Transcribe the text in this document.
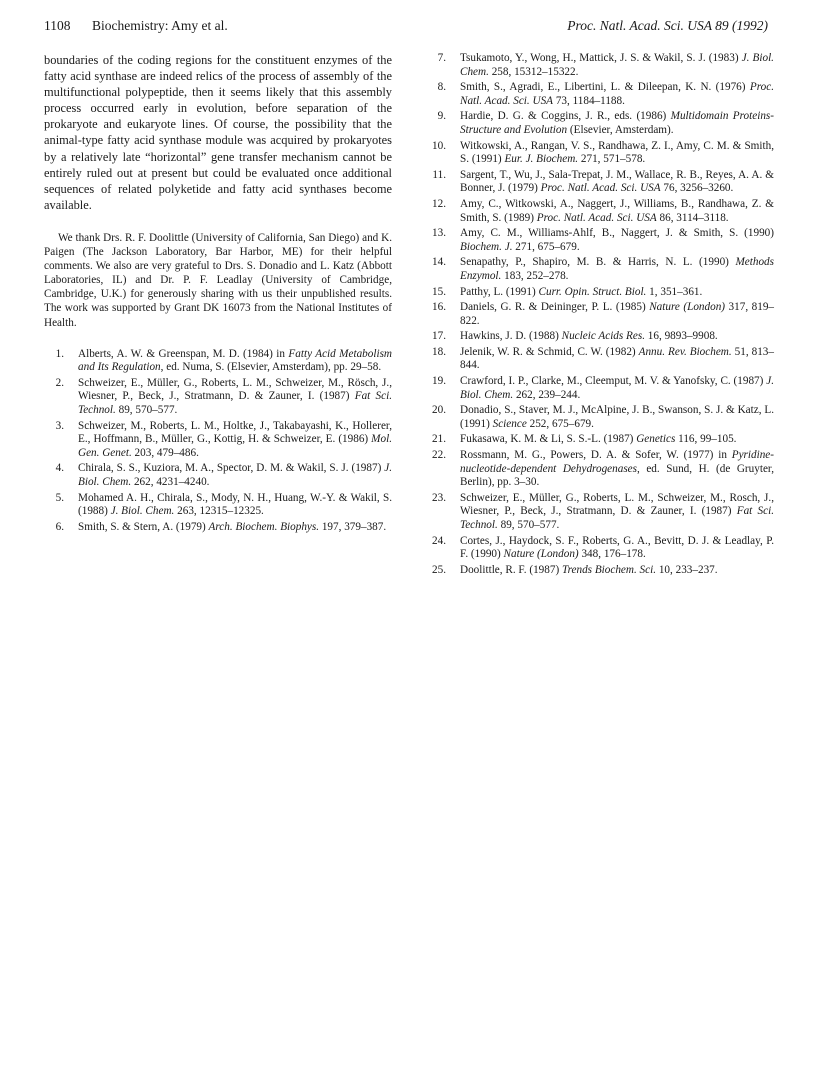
1108 Biochemistry: Amy et al.	Proc. Natl. Acad. Sci. USA 89 (1992)

boundaries of the coding regions for the constituent enzymes of the fatty acid synthase are indeed relics of the process of assembly of the multifunctional polypeptide, then it seems likely that this assembly process occurred early in evolution, before separation of the prokaryote and eukaryote lines. Of course, the possibility that the animal-type fatty acid synthase module was acquired by prokaryotes by a relatively late “horizontal” gene transfer mechanism cannot be entirely ruled out at present but could be evaluated once additional sequences of related polyketide and fatty acid synthases become available.

We thank Drs. R. F. Doolittle (University of California, San Diego) and K. Paigen (The Jackson Laboratory, Bar Harbor, ME) for their helpful comments. We also are very grateful to Drs. S. Donadio and L. Katz (Abbott Laboratories, IL) and Dr. P. F. Leadlay (University of Cambridge, Cambridge, U.K.) for generously sharing with us their unpublished results. The work was supported by Grant DK 16073 from the National Institutes of Health.

1. Alberts, A. W. & Greenspan, M. D. (1984) in Fatty Acid Metabolism and Its Regulation, ed. Numa, S. (Elsevier, Amsterdam), pp. 29–58.
2. Schweizer, E., Müller, G., Roberts, L. M., Schweizer, M., Rösch, J., Wiesner, P., Beck, J., Stratmann, D. & Zauner, I. (1987) Fat Sci. Technol. 89, 570–577.
3. Schweizer, M., Roberts, L. M., Holtke, J., Takabayashi, K., Hollerer, E., Hoffmann, B., Müller, G., Kottig, H. & Schweizer, E. (1986) Mol. Gen. Genet. 203, 479–486.
4. Chirala, S. S., Kuziora, M. A., Spector, D. M. & Wakil, S. J. (1987) J. Biol. Chem. 262, 4231–4240.
5. Mohamed A. H., Chirala, S., Mody, N. H., Huang, W.-Y. & Wakil, S. (1988) J. Biol. Chem. 263, 12315–12325.
6. Smith, S. & Stern, A. (1979) Arch. Biochem. Biophys. 197, 379–387.
7. Tsukamoto, Y., Wong, H., Mattick, J. S. & Wakil, S. J. (1983) J. Biol. Chem. 258, 15312–15322.
8. Smith, S., Agradi, E., Libertini, L. & Dileepan, K. N. (1976) Proc. Natl. Acad. Sci. USA 73, 1184–1188.
9. Hardie, D. G. & Coggins, J. R., eds. (1986) Multidomain Proteins-Structure and Evolution (Elsevier, Amsterdam).
10. Witkowski, A., Rangan, V. S., Randhawa, Z. I., Amy, C. M. & Smith, S. (1991) Eur. J. Biochem. 271, 571–578.
11. Sargent, T., Wu, J., Sala-Trepat, J. M., Wallace, R. B., Reyes, A. A. & Bonner, J. (1979) Proc. Natl. Acad. Sci. USA 76, 3256–3260.
12. Amy, C., Witkowski, A., Naggert, J., Williams, B., Randhawa, Z. & Smith, S. (1989) Proc. Natl. Acad. Sci. USA 86, 3114–3118.
13. Amy, C. M., Williams-Ahlf, B., Naggert, J. & Smith, S. (1990) Biochem. J. 271, 675–679.
14. Senapathy, P., Shapiro, M. B. & Harris, N. L. (1990) Methods Enzymol. 183, 252–278.
15. Patthy, L. (1991) Curr. Opin. Struct. Biol. 1, 351–361.
16. Daniels, G. R. & Deininger, P. L. (1985) Nature (London) 317, 819–822.
17. Hawkins, J. D. (1988) Nucleic Acids Res. 16, 9893–9908.
18. Jelenik, W. R. & Schmid, C. W. (1982) Annu. Rev. Biochem. 51, 813–844.
19. Crawford, I. P., Clarke, M., Cleemput, M. V. & Yanofsky, C. (1987) J. Biol. Chem. 262, 239–244.
20. Donadio, S., Staver, M. J., McAlpine, J. B., Swanson, S. J. & Katz, L. (1991) Science 252, 675–679.
21. Fukasawa, K. M. & Li, S. S.-L. (1987) Genetics 116, 99–105.
22. Rossmann, M. G., Powers, D. A. & Sofer, W. (1977) in Pyridine-nucleotide-dependent Dehydrogenases, ed. Sund, H. (de Gruyter, Berlin), pp. 3–30.
23. Schweizer, E., Müller, G., Roberts, L. M., Schweizer, M., Rosch, J., Wiesner, P., Beck, J., Stratmann, D. & Zauner, I. (1987) Fat Sci. Technol. 89, 570–577.
24. Cortes, J., Haydock, S. F., Roberts, G. A., Bevitt, D. J. & Leadlay, P. F. (1990) Nature (London) 348, 176–178.
25. Doolittle, R. F. (1987) Trends Biochem. Sci. 10, 233–237.
